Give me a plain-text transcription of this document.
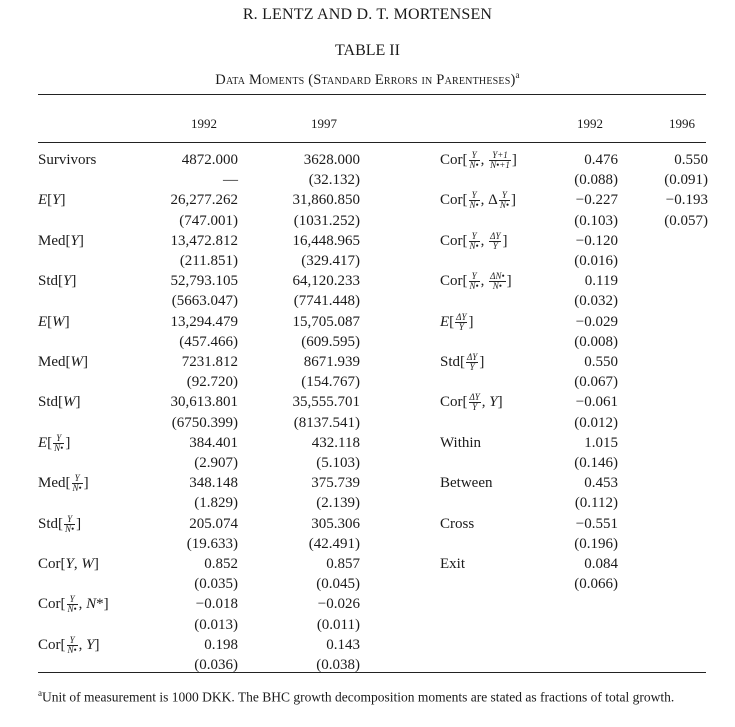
R. LENTZ AND D. T. MORTENSEN
TABLE II
Data Moments (Standard Errors in Parentheses)$^a$
1992	1997	1992	1996
Survivors	4872.000	3628.000
—	(32.132)
E[Y]	26,277.262	31,860.850
(747.001)	(1031.252)
Med[Y]	13,472.812	16,448.965
(211.851)	(329.417)
Std[Y]	52,793.105	64,120.233
(5663.047)	(7741.448)
E[W]	13,294.479	15,705.087
(457.466)	(609.595)
Med[W]	7231.812	8671.939
(92.720)	(154.767)
Std[W]	30,613.801	35,555.701
(6750.399)	(8137.541)
$E[ \frac{Y}{N•}$ ]	384.401	432.118
(2.907)	(5.103)
$Med[ \frac{Y}{N•}$ ]	348.148	375.739
(1.829)	(2.139)
$Std[ \frac{Y}{N•}$ ]	205.074	305.306
(19.633)	(42.491)
Cor[Y, W]	0.852	0.857
(0.035)	(0.045)
$Cor[ \frac{Y}{N•}$ , N*]	−0.018	−0.026
(0.013)	(0.011)
$Cor[ \frac{Y}{N•}$ , Y]	0.198	0.143
(0.036)	(0.038)
$Cor[ \frac{Y}{N•}$ , $\frac{Y+1}{N•+1}$ ]	0.476	0.550
(0.088)	(0.091)
$Cor[ \frac{Y}{N•}$ , Δ $\frac{Y}{N•}$ ]	−0.227	−0.193
(0.103)	(0.057)
$Cor[ \frac{Y}{N•}$ , $\frac{\Delta Y}{Y}$ ]	−0.120
(0.016)
$Cor[ \frac{Y}{N•}$ , $\frac{\Delta N•}{N•}$ ]	0.119
(0.032)
$E[ \frac{\Delta Y}{Y}$ ]	−0.029
(0.008)
$Std[ \frac{\Delta Y}{Y}$ ]	0.550
(0.067)
$Cor[ \frac{\Delta Y}{Y}$ , Y]	−0.061
(0.012)
Within	1.015
(0.146)
Between	0.453
(0.112)
Cross	−0.551
(0.196)
Exit	0.084
(0.066)
$^a$Unit of measurement is 1000 DKK. The BHC growth decomposition moments are stated as fractions of total growth.
